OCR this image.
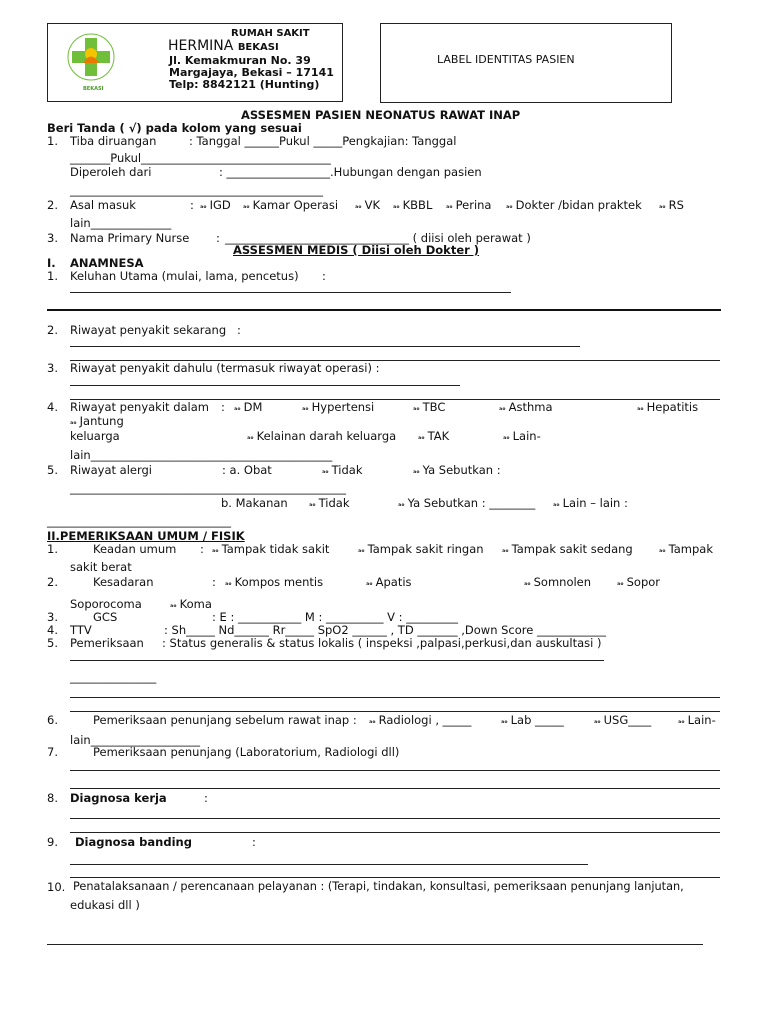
BEKASI
RUMAH SAKIT
HERMINA BEKASI
Jl. Kemakmuran No. 39
Margajaya, Bekasi – 17141
Telp: 8842121 (Hunting)
LABEL IDENTITAS PASIEN
ASSESMEN PASIEN NEONATUS RAWAT INAP
Beri Tanda ( √) pada kolom yang sesuai
1. Tiba diruangan	: Tanggal ______Pukul _____Pengkajian: Tanggal
_______Pukul_________________________________
Diperoleh dari	: __________________.Hubungan dengan pasien
____________________________________________
2. Asal masuk	: ₐₒ IGD ₐₒ Kamar Operasi ₐₒ VK ₐₒ KBBL ₐₒ Perina ₐₒ Dokter /bidan praktek ₐₒ RS
lain______________
3. Nama Primary Nurse : ________________________________ ( diisi oleh perawat )
ASSESMEN MEDIS ( Diisi oleh Dokter )
I. ANAMNESA
1. Keluhan Utama (mulai, lama, pencetus) :
2. Riwayat penyakit sekarang :
3. Riwayat penyakit dahulu (termasuk riwayat operasi) :
4. Riwayat penyakit dalam : ₐₒ DM	ₐₒ Hypertensi	ₐₒ TBC	ₐₒ Asthma	ₐₒ Hepatitis
ₐₒ Jantung
keluarga	ₐₒ Kelainan darah keluarga	ₐₒ TAK	ₐₒ Lain-
lain__________________________________________
5. Riwayat alergi	: a. Obat	ₐₒ Tidak	ₐₒ Ya Sebutkan :
________________________________________________
b. Makanan	ₐₒ Tidak	ₐₒ Ya Sebutkan : ________	ₐₒ Lain – lain :
________________________________
II.PEMERIKSAAN UMUM / FISIK
1.	Keadan umum : ₐₒ Tampak tidak sakit	ₐₒ Tampak sakit ringan	ₐₒ Tampak sakit sedang	ₐₒ Tampak
sakit berat
2.	Kesadaran	: ₐₒ Kompos mentis	ₐₒ Apatis	ₐₒ Somnolen	ₐₒ Sopor
Soporocoma	ₐₒ Koma
3.	GCS	: E : ___________ M : __________ V : _________
4. TTV	: Sh_____ Nd______ Rr_____ SpO2 ______ , TD _______ ,Down Score ____________
5. Pemeriksaan : Status generalis & status lokalis ( inspeksi ,palpasi,perkusi,dan auskultasi )
_______________
6.	Pemeriksaan penunjang sebelum rawat inap : ₐₒ Radiologi , _____	ₐₒ Lab _____	ₐₒ USG____	ₐₒ Lain-
lain___________________
7.	Pemeriksaan penunjang (Laboratorium, Radiologi dll)
8. Diagnosa kerja	:
9. Diagnosa banding	:
10. Penatalaksanaan / perencanaan pelayanan : (Terapi, tindakan, konsultasi, pemeriksaan penunjang lanjutan,
edukasi dll )
